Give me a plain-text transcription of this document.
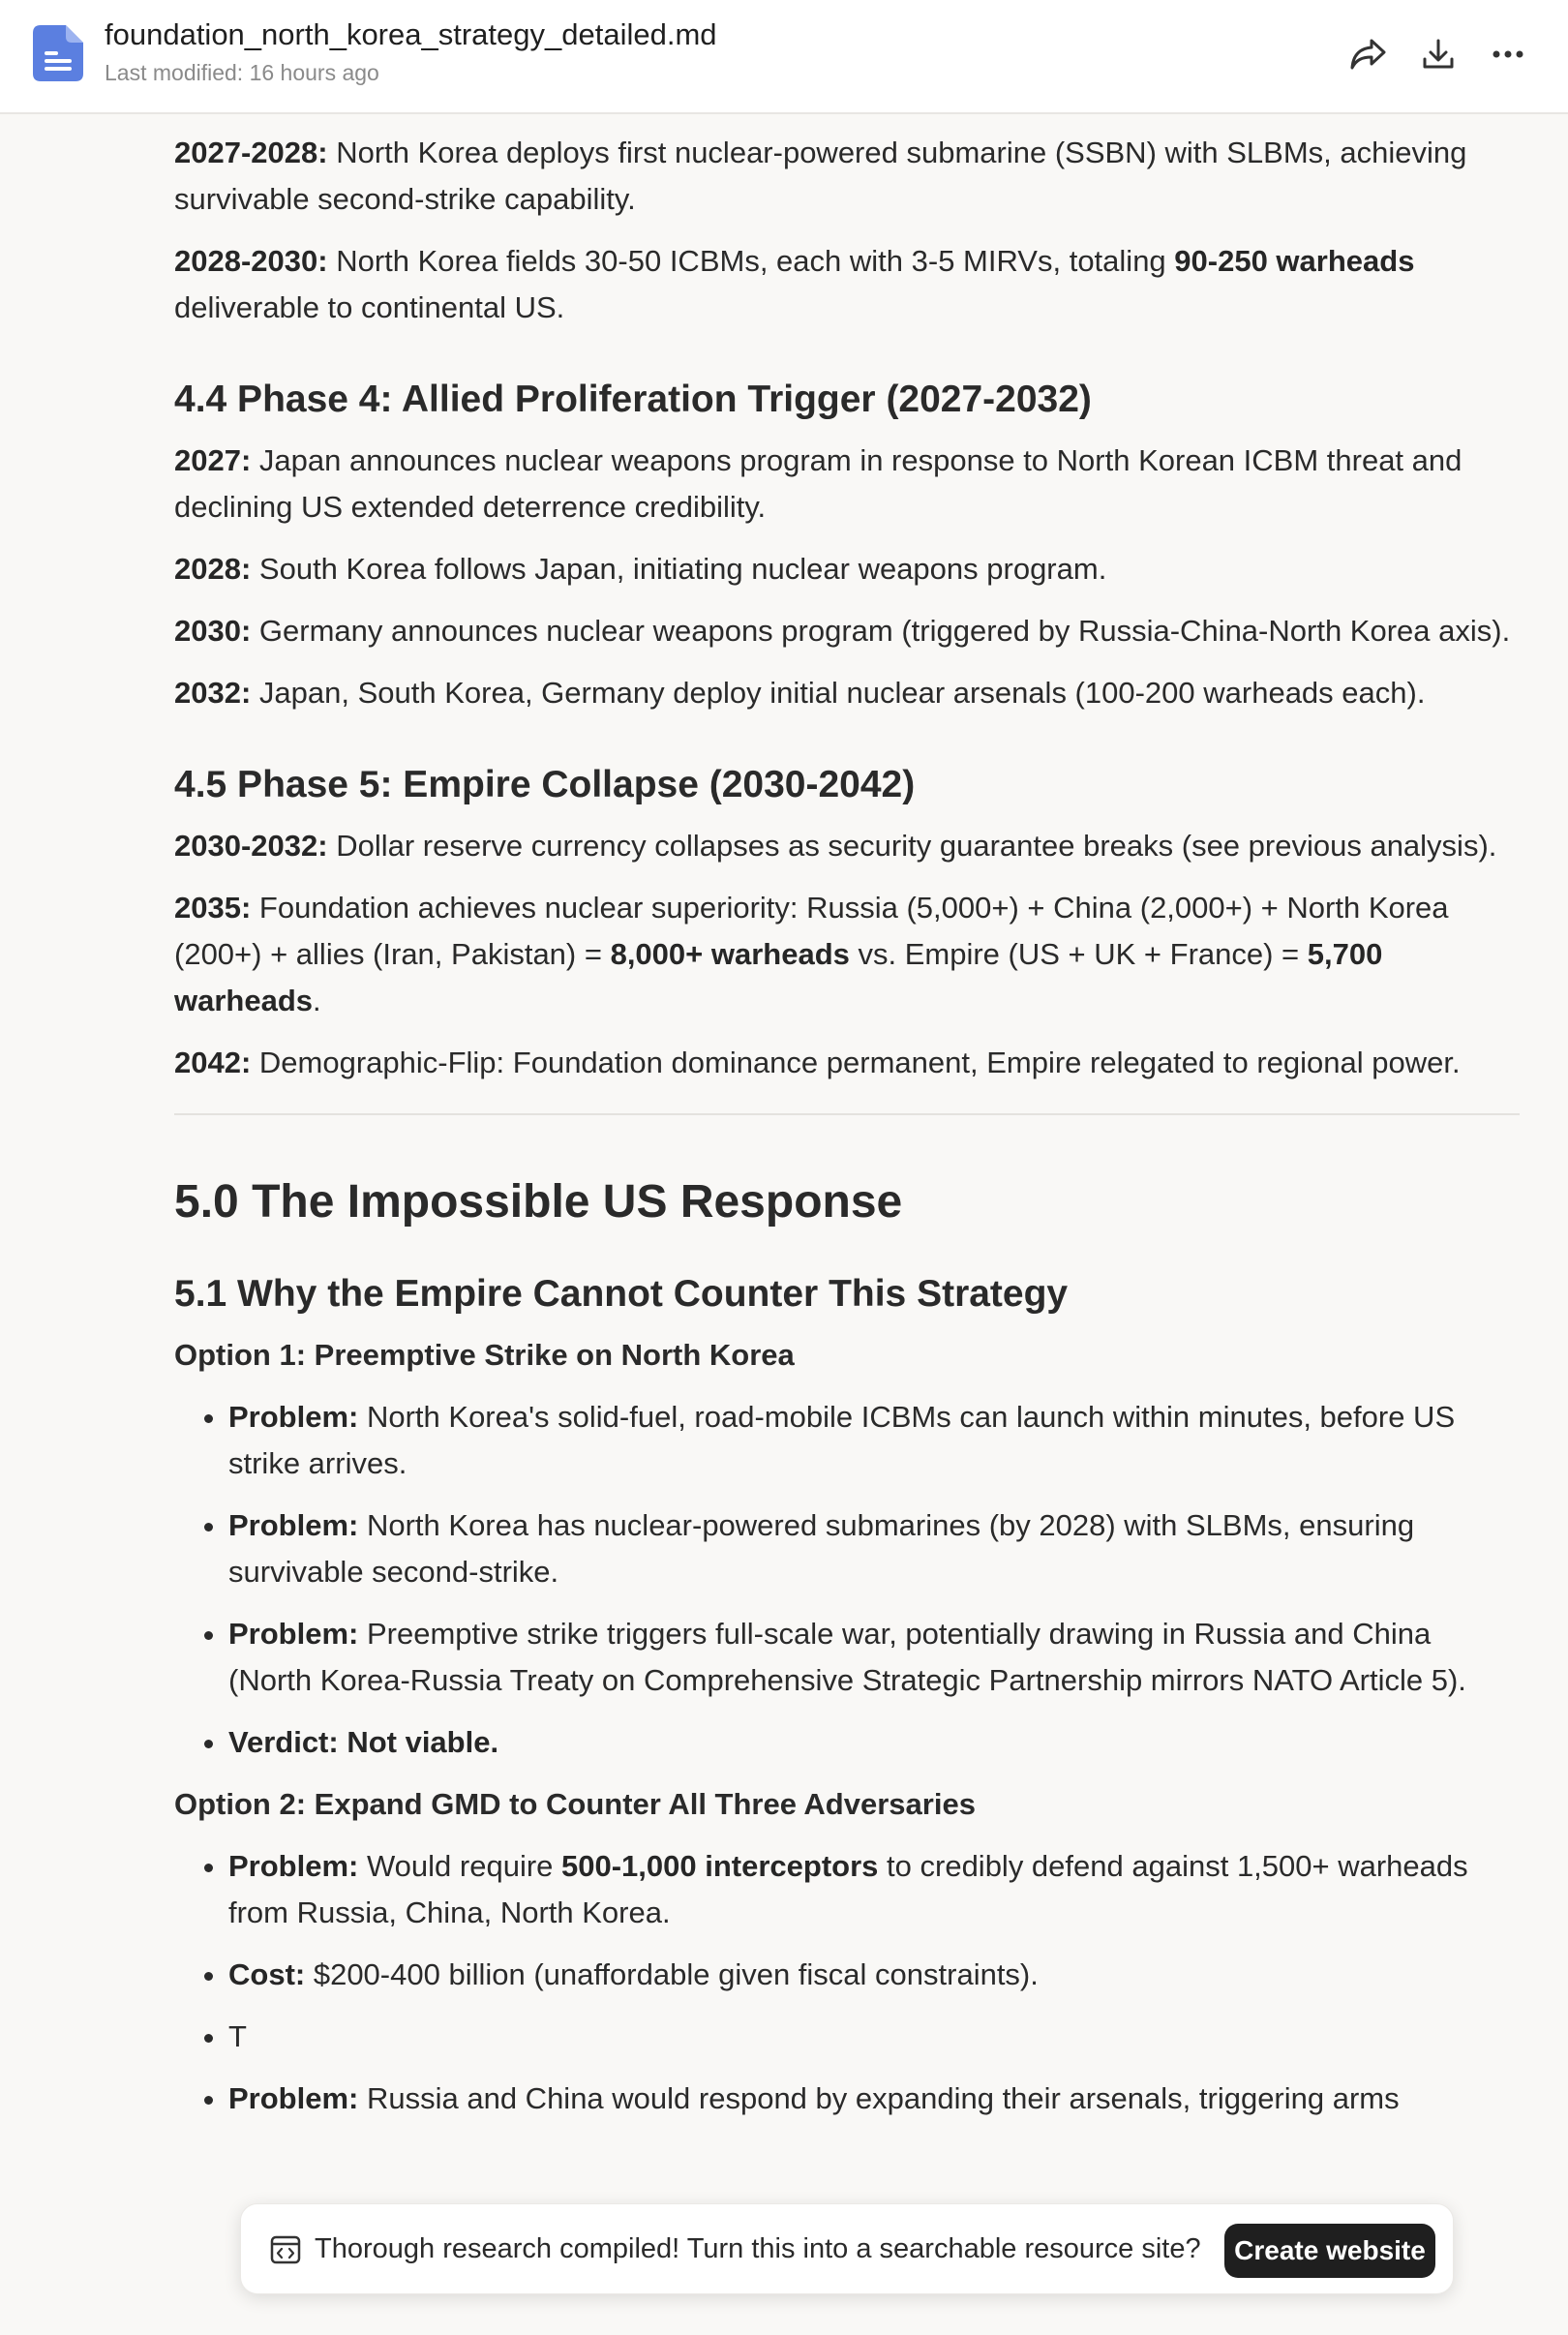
foundation_north_korea_strategy_detailed.md
Last modified: 16 hours ago

2027-2028: North Korea deploys first nuclear-powered submarine (SSBN) with SLBMs, achieving survivable second-strike capability.

2028-2030: North Korea fields 30-50 ICBMs, each with 3-5 MIRVs, totaling 90-250 warheads deliverable to continental US.

4.4 Phase 4: Allied Proliferation Trigger (2027-2032)

2027: Japan announces nuclear weapons program in response to North Korean ICBM threat and declining US extended deterrence credibility.

2028: South Korea follows Japan, initiating nuclear weapons program.

2030: Germany announces nuclear weapons program (triggered by Russia-China-North Korea axis).

2032: Japan, South Korea, Germany deploy initial nuclear arsenals (100-200 warheads each).

4.5 Phase 5: Empire Collapse (2030-2042)

2030-2032: Dollar reserve currency collapses as security guarantee breaks (see previous analysis).

2035: Foundation achieves nuclear superiority: Russia (5,000+) + China (2,000+) + North Korea (200+) + allies (Iran, Pakistan) = 8,000+ warheads vs. Empire (US + UK + France) = 5,700 warheads.

2042: Demographic-Flip: Foundation dominance permanent, Empire relegated to regional power.

5.0 The Impossible US Response
5.1 Why the Empire Cannot Counter This Strategy
Option 1: Preemptive Strike on North Korea
• Problem: North Korea's solid-fuel, road-mobile ICBMs can launch within minutes, before US strike arrives.
• Problem: North Korea has nuclear-powered submarines (by 2028) with SLBMs, ensuring survivable second-strike.
• Problem: Preemptive strike triggers full-scale war, potentially drawing in Russia and China (North Korea-Russia Treaty on Comprehensive Strategic Partnership mirrors NATO Article 5).
• Verdict: Not viable.
Option 2: Expand GMD to Counter All Three Adversaries
• Problem: Would require 500-1,000 interceptors to credibly defend against 1,500+ warheads from Russia, China, North Korea.
• Cost: $200-400 billion (unaffordable given fiscal constraints).
• T
• Problem: Russia and China would respond by expanding their arsenals, triggering arms
Thorough research compiled! Turn this into a searchable resource site?	Create website
